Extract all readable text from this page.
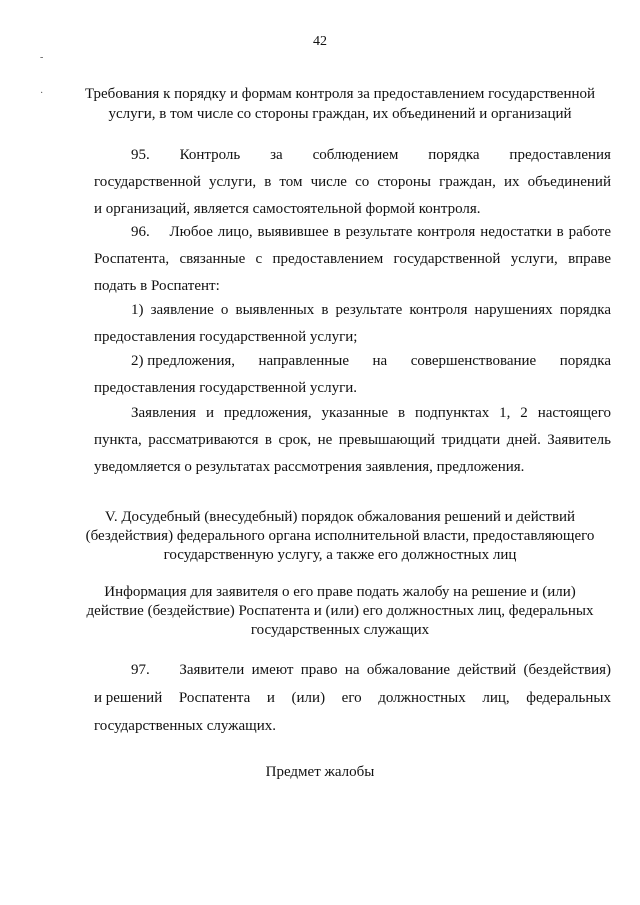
42
-
·	Требования к порядку и формам контроля за предоставлением государственной
услуги, в том числе со стороны граждан, их объединений и организаций
95. Контроль за соблюдением порядка предоставления
государственной услуги, в том числе со стороны граждан, их объединений
и организаций, является самостоятельной формой контроля.
96.    Любое лицо, выявившее в результате контроля недостатки в работе
Роспатента, связанные с предоставлением государственной услуги, вправе
подать в Роспатент:
1) заявление о выявленных в результате контроля нарушениях порядка
предоставления государственной услуги;
2) предложения, направленные на совершенствование порядка
предоставления государственной услуги.
Заявления и предложения, указанные в подпунктах 1, 2 настоящего
пункта, рассматриваются в срок, не превышающий тридцати дней. Заявитель
уведомляется о результатах рассмотрения заявления, предложения.
V. Досудебный (внесудебный) порядок обжалования решений и действий
(бездействия) федерального органа исполнительной власти, предоставляющего
государственную услугу, а также его должностных лиц
Информация для заявителя о его праве подать жалобу на решение и (или)
действие (бездействие) Роспатента и (или) его должностных лиц, федеральных
государственных служащих
97.    Заявители имеют право на обжалование действий (бездействия)
и решений Роспатента и (или) его должностных лиц, федеральных
государственных служащих.
Предмет жалобы
